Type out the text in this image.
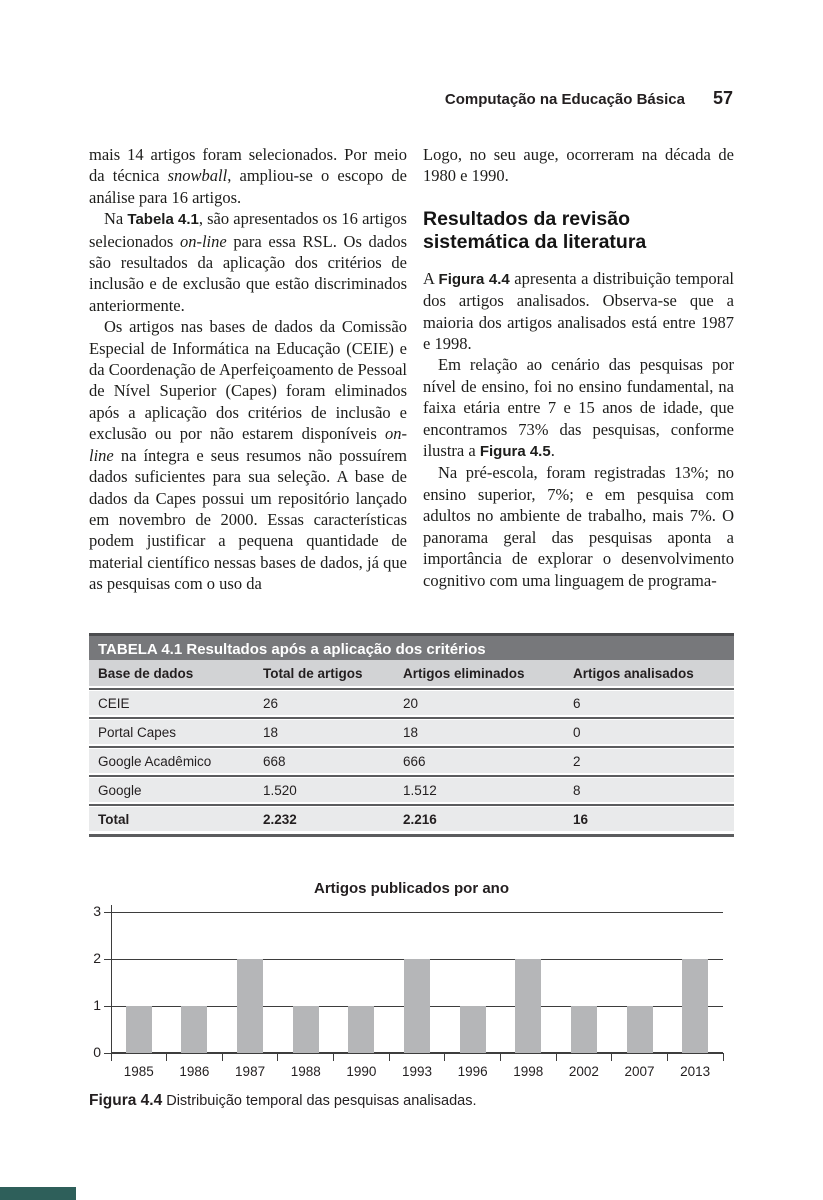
Computação na Educação Básica 57

mais 14 artigos foram selecionados. Por meio da técnica snowball, ampliou-se o escopo de análise para 16 artigos.

Na Tabela 4.1, são apresentados os 16 artigos selecionados on-line para essa RSL. Os dados são resultados da aplicação dos critérios de inclusão e de exclusão que estão discriminados anteriormente.

Os artigos nas bases de dados da Comissão Especial de Informática na Educação (CEIE) e da Coordenação de Aperfeiçoamento de Pessoal de Nível Superior (Capes) foram eliminados após a aplicação dos critérios de inclusão e exclusão ou por não estarem disponíveis on-line na íntegra e seus resumos não possuírem dados suficientes para sua seleção. A base de dados da Capes possui um repositório lançado em novembro de 2000. Essas características podem justificar a pequena quantidade de material científico nessas bases de dados, já que as pesquisas com o uso da

Logo, no seu auge, ocorreram na década de 1980 e 1990.

Resultados da revisão sistemática da literatura

A Figura 4.4 apresenta a distribuição temporal dos artigos analisados. Observa-se que a maioria dos artigos analisados está entre 1987 e 1998.

Em relação ao cenário das pesquisas por nível de ensino, foi no ensino fundamental, na faixa etária entre 7 e 15 anos de idade, que encontramos 73% das pesquisas, conforme ilustra a Figura 4.5.

Na pré-escola, foram registradas 13%; no ensino superior, 7%; e em pesquisa com adultos no ambiente de trabalho, mais 7%. O panorama geral das pesquisas aponta a importância de explorar o desenvolvimento cognitivo com uma linguagem de programa-

TABELA 4.1 Resultados após a aplicação dos critérios
Base de dados	Total de artigos	Artigos eliminados	Artigos analisados
CEIE	26	20	6
Portal Capes	18	18	0
Google Acadêmico	668	666	2
Google	1.520	1.512	8
Total	2.232	2.216	16
Artigos publicados por ano
0
1
2
3
1985	1986	1987	1988	1990	1993	1996	1998	2002	2007	2013
Figura 4.4 Distribuição temporal das pesquisas analisadas.
